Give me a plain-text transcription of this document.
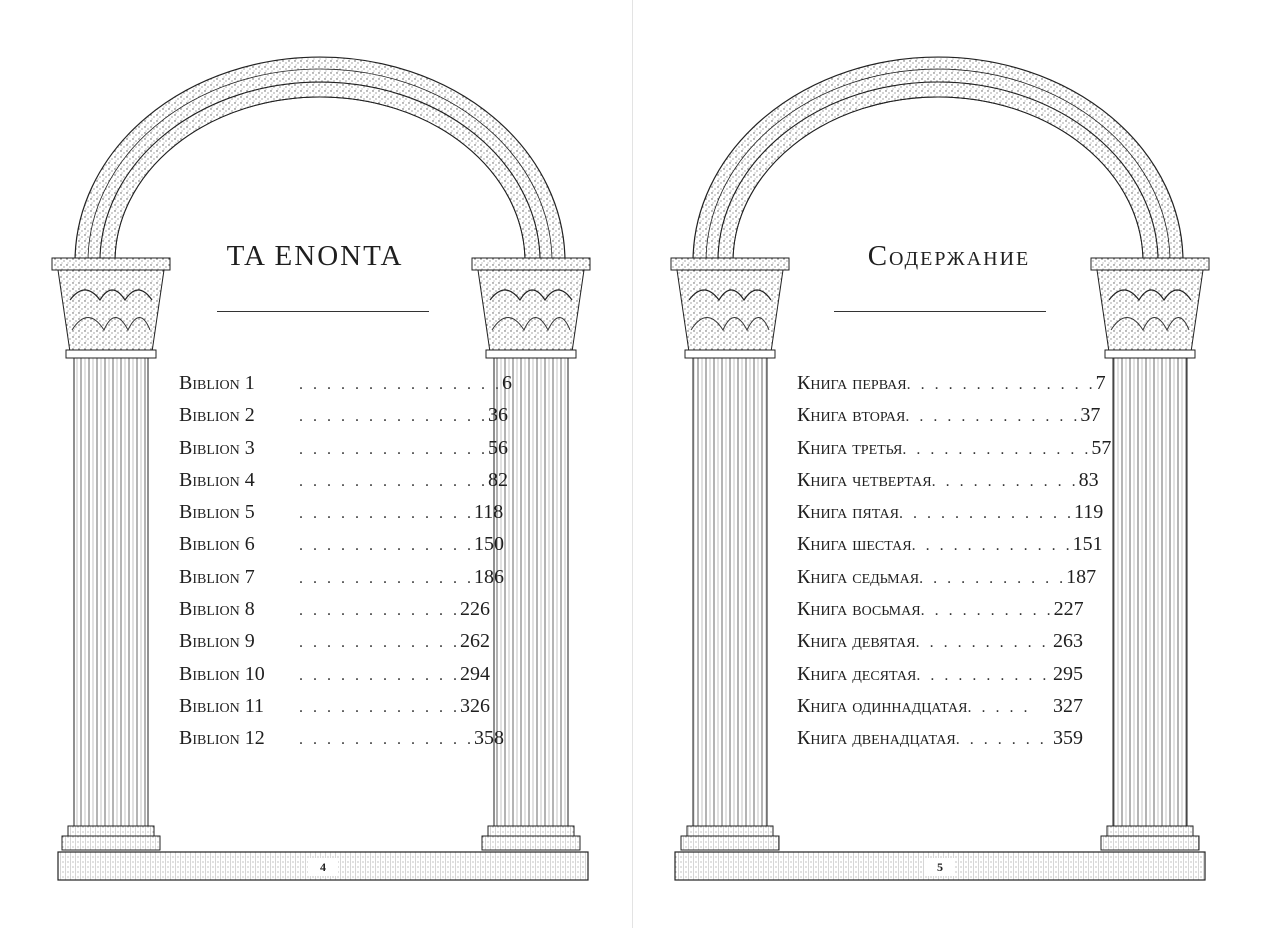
TA ENONTA
Biblion 1	. . . . . . . . . . . . . . . 6
Biblion 2	. . . . . . . . . . . . . . 36
Biblion 3	. . . . . . . . . . . . . . 56
Biblion 4	. . . . . . . . . . . . . . 82
Biblion 5	. . . . . . . . . . . . . 118
Biblion 6	. . . . . . . . . . . . . 150
Biblion 7	. . . . . . . . . . . . . 186
Biblion 8	. . . . . . . . . . . . 226
Biblion 9	. . . . . . . . . . . . 262
Biblion 10	. . . . . . . . . . . . 294
Biblion 11	. . . . . . . . . . . . 326
Biblion 12	. . . . . . . . . . . . . 358
4
Содержание
Книга первая . . . . . . . . . . . . . . 7
Книга вторая . . . . . . . . . . . . . 37
Книга третья . . . . . . . . . . . . . . 57
Книга четвертая . . . . . . . . . . . 83
Книга пятая . . . . . . . . . . . . . 119
Книга шестая . . . . . . . . . . . . 151
Книга седьмая . . . . . . . . . . . 187
Книга восьмая . . . . . . . . . . 227
Книга девятая . . . . . . . . . . 263
Книга десятая . . . . . . . . . . 295
Книга одиннадцатая . . . . .	327
Книга двенадцатая . . . . . . . 359
5
